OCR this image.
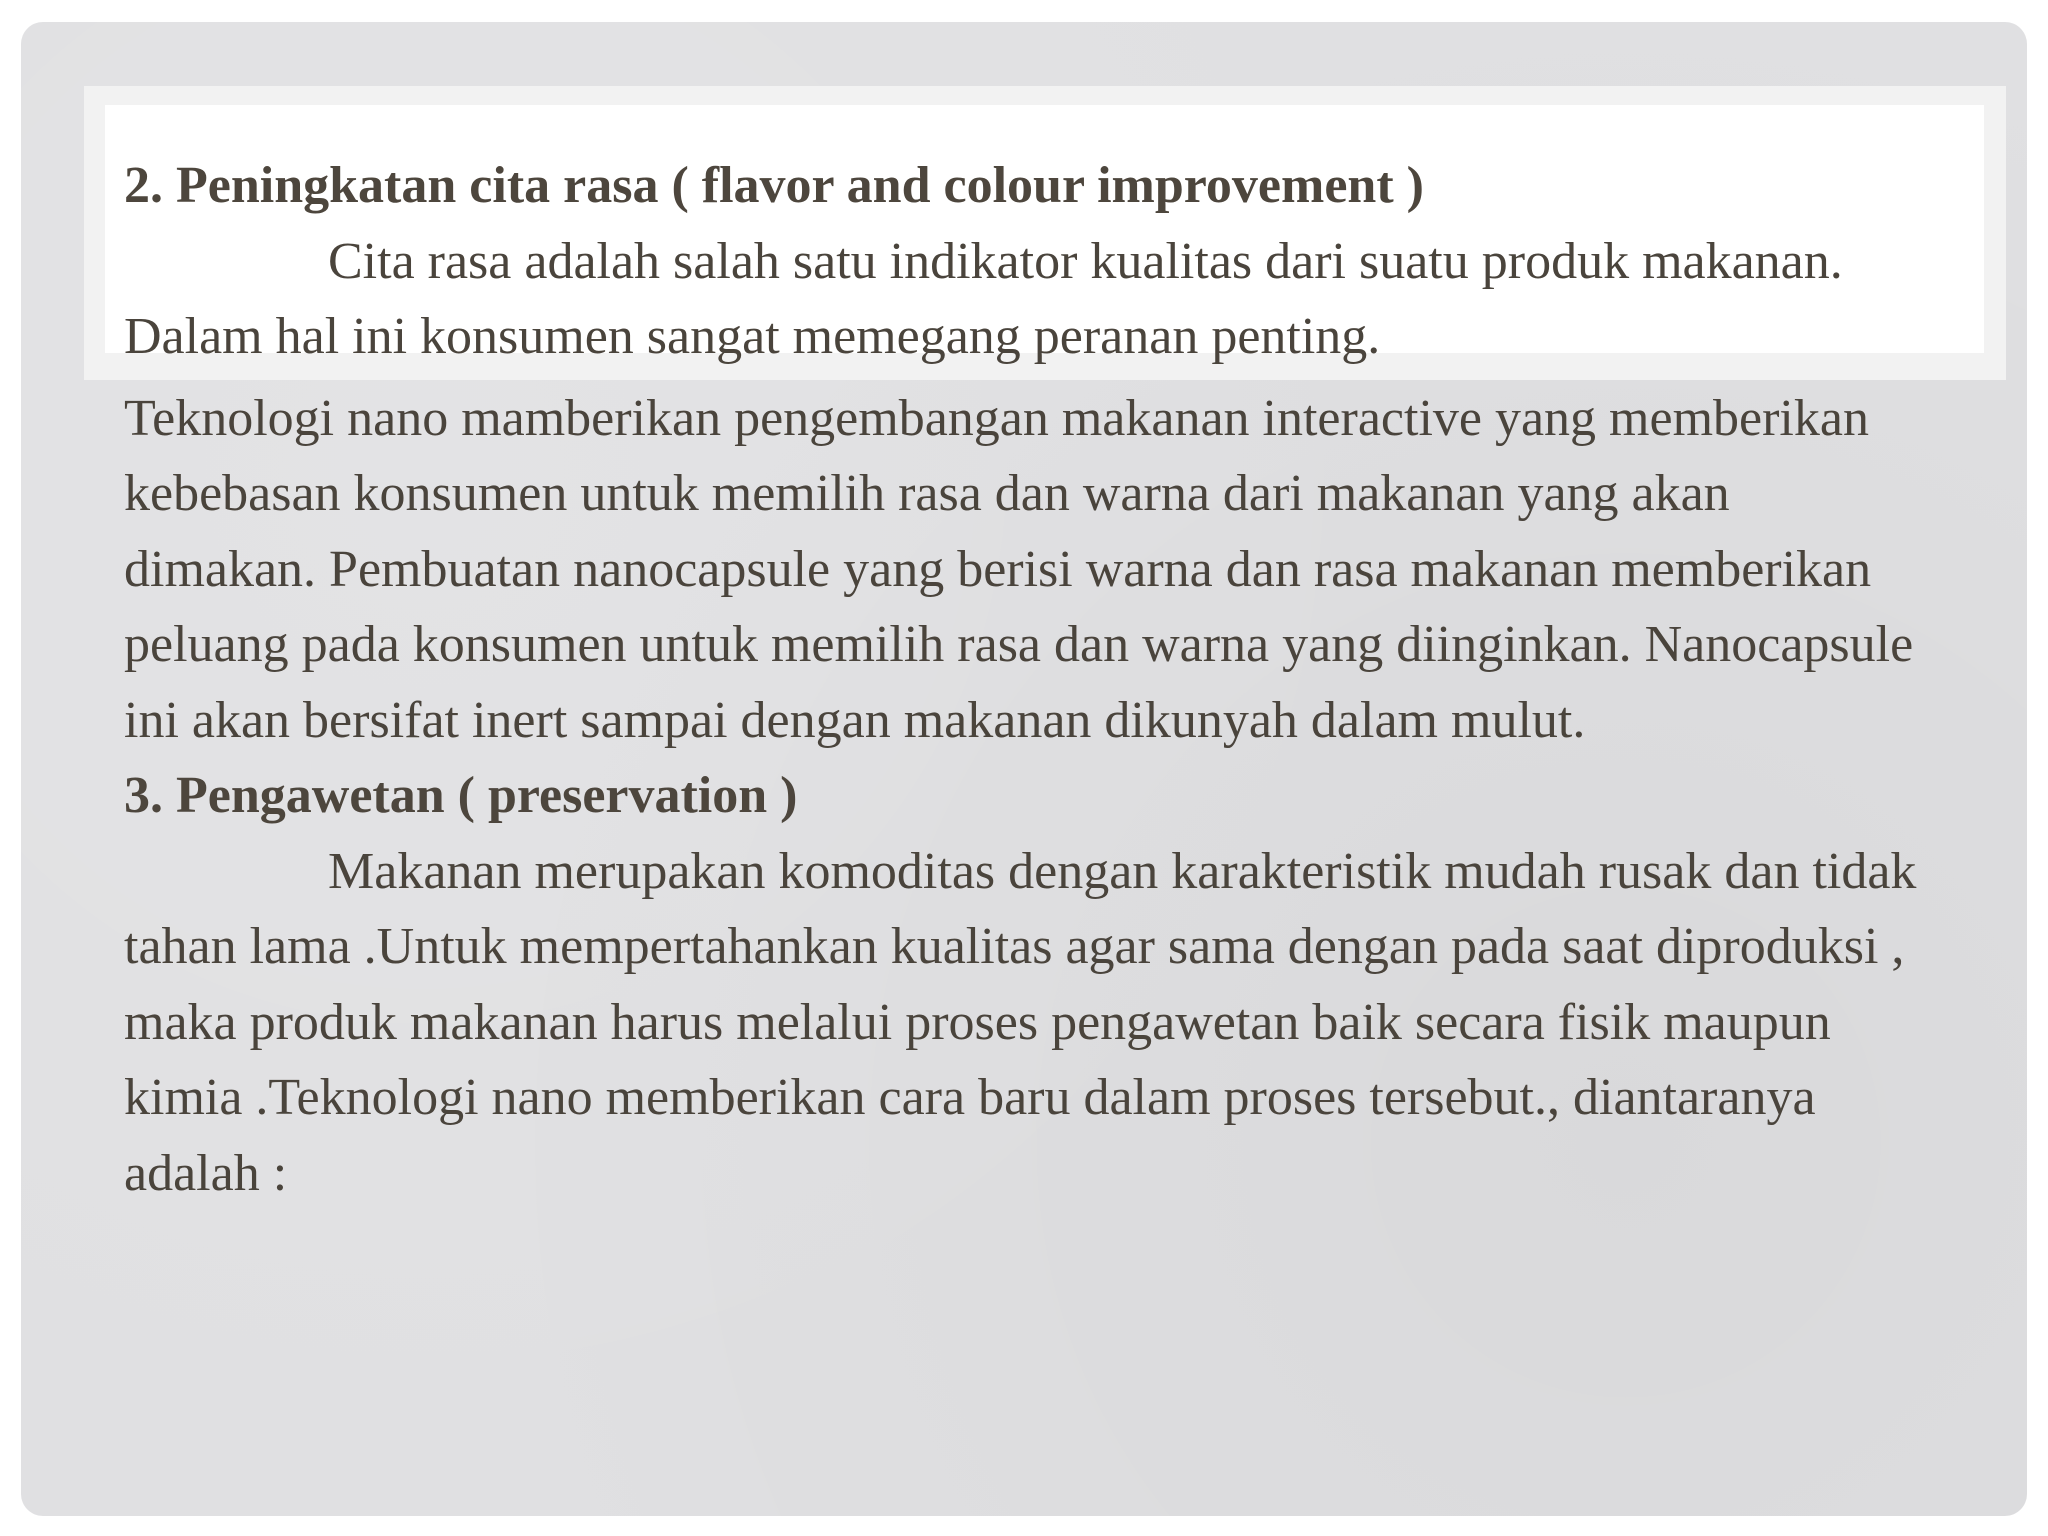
2. Peningkatan cita rasa ( flavor and colour improvement )

Cita rasa adalah salah satu indikator kualitas dari suatu produk makanan. Dalam hal ini konsumen sangat memegang peranan penting.

Teknologi nano mamberikan pengembangan makanan interactive yang memberikan kebebasan konsumen untuk memilih rasa dan warna dari makanan yang akan dimakan. Pembuatan nanocapsule yang berisi warna dan rasa makanan memberikan peluang pada konsumen untuk memilih rasa dan warna yang diinginkan. Nanocapsule ini akan bersifat inert sampai dengan makanan dikunyah dalam mulut.

3. Pengawetan ( preservation )

Makanan merupakan komoditas dengan karakteristik mudah rusak dan tidak tahan lama .Untuk mempertahankan kualitas agar sama dengan pada saat diproduksi , maka produk makanan harus melalui proses pengawetan baik secara fisik maupun kimia .Teknologi nano memberikan cara baru dalam proses tersebut., diantaranya adalah :
